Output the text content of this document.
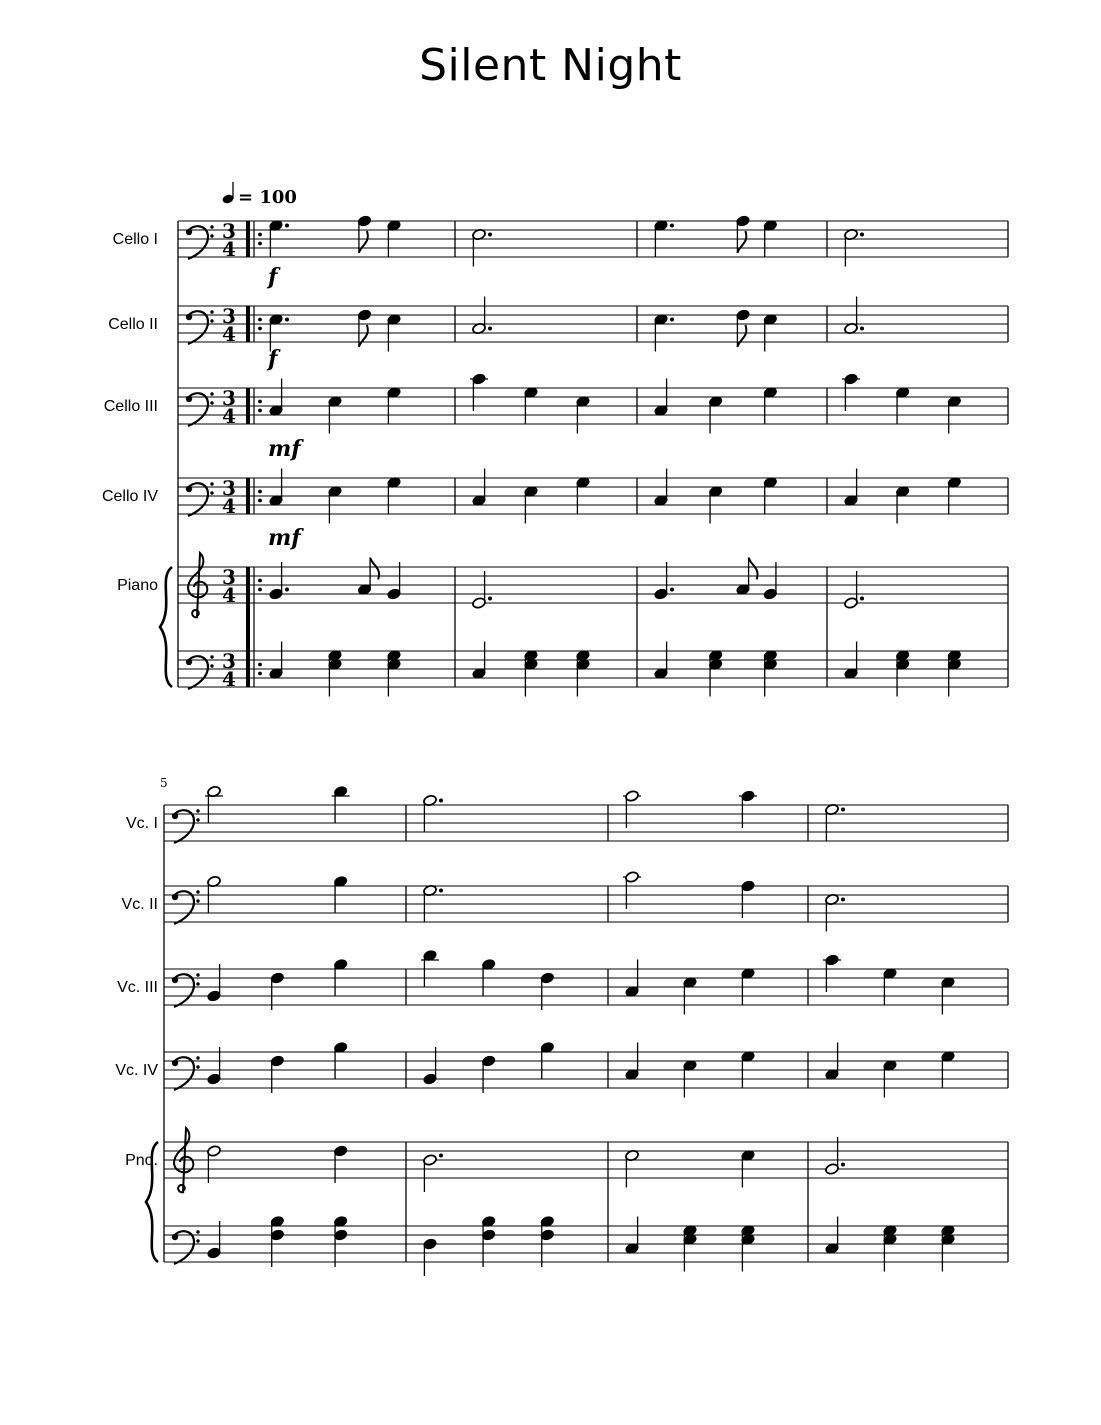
Silent Night
= 100
Cello I	3
4
Cello II
f
3
4
Cello III
f
3
4
Cello IV
mf
3
4
Piano
mf
3
4
3
4
5
Vc. I
Vc. II
Vc. III
Vc. IV
Pno.
